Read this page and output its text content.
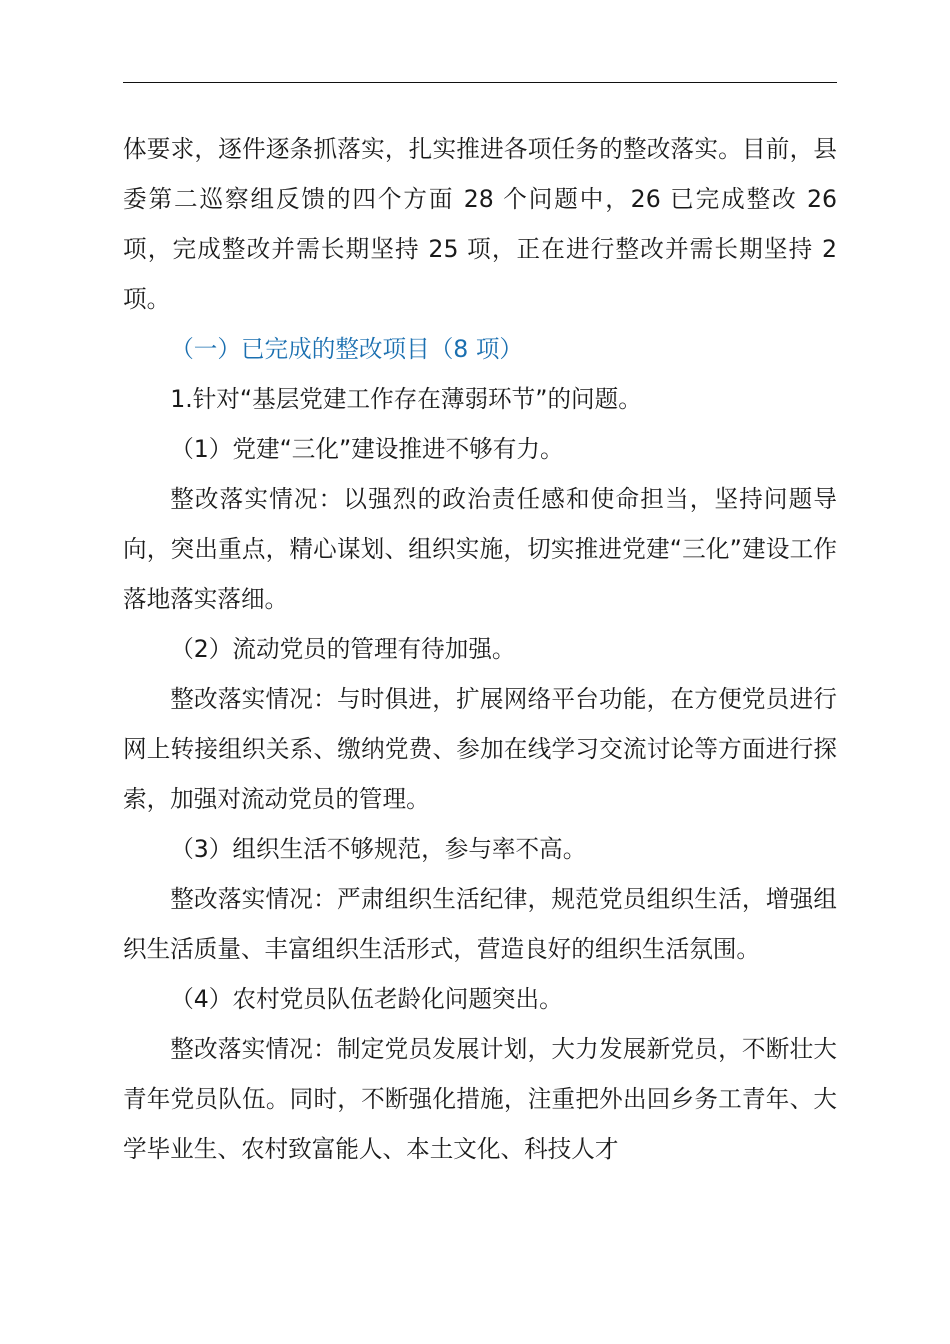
体要求，逐件逐条抓落实，扎实推进各项任务的整改落实。目前，县委第二巡察组反馈的四个方面 28 个问题中，26 已完成整改 26 项，完成整改并需长期坚持 25 项，正在进行整改并需长期坚持 2 项。

（一）已完成的整改项目（8 项）

1.针对“基层党建工作存在薄弱环节”的问题。

（1）党建“三化”建设推进不够有力。

整改落实情况：以强烈的政治责任感和使命担当，坚持问题导向，突出重点，精心谋划、组织实施，切实推进党建“三化”建设工作落地落实落细。

（2）流动党员的管理有待加强。

整改落实情况：与时俱进，扩展网络平台功能，在方便党员进行网上转接组织关系、缴纳党费、参加在线学习交流讨论等方面进行探索，加强对流动党员的管理。

（3）组织生活不够规范，参与率不高。

整改落实情况：严肃组织生活纪律，规范党员组织生活，增强组织生活质量、丰富组织生活形式，营造良好的组织生活氛围。

（4）农村党员队伍老龄化问题突出。

整改落实情况：制定党员发展计划，大力发展新党员，不断壮大青年党员队伍。同时，不断强化措施，注重把外出回乡务工青年、大学毕业生、农村致富能人、本土文化、科技人才
